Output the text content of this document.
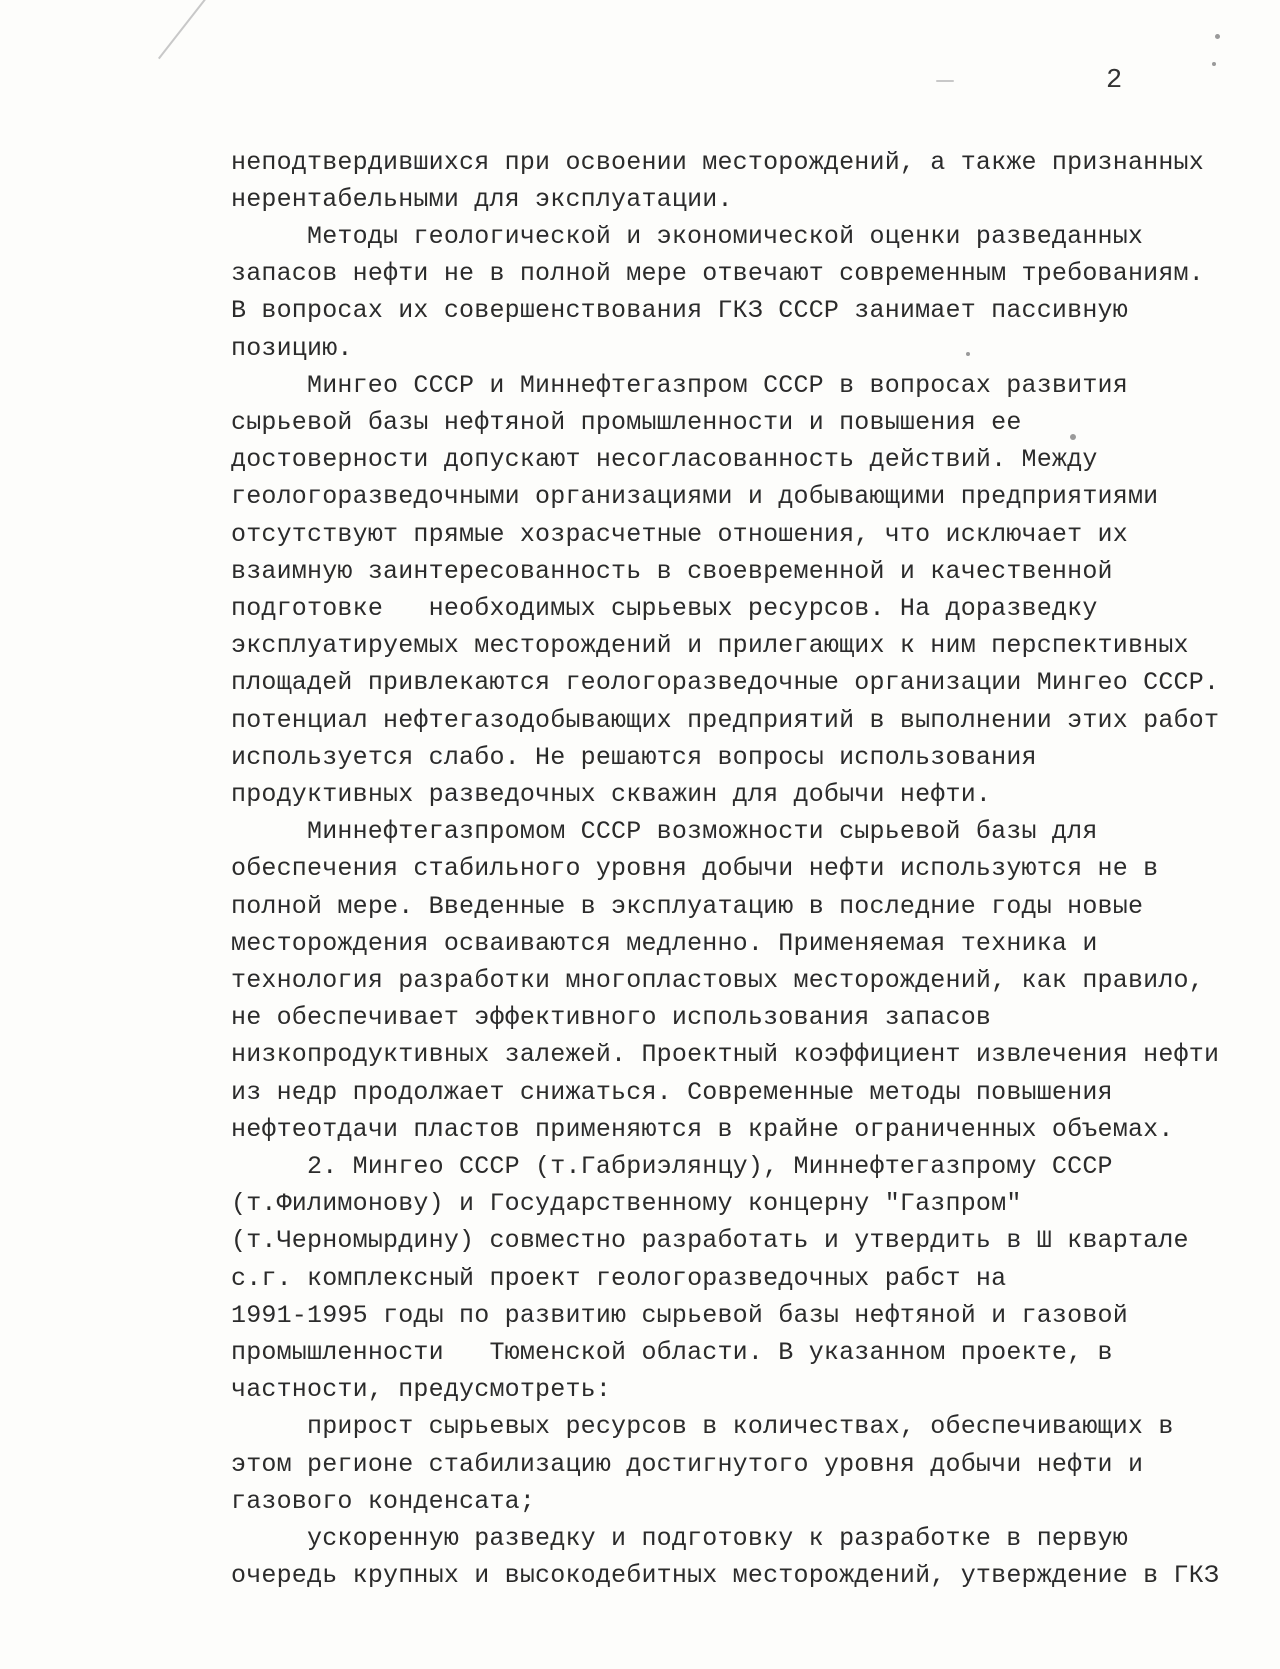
2
неподтвердившихся при освоении месторождений, а также признанных
нерентабельными для эксплуатации.
Методы геологической и экономической оценки разведанных
запасов нефти не в полной мере отвечают современным требованиям.
В вопросах их совершенствования ГКЗ СССР занимает пассивную
позицию.
Мингео СССР и Миннефтегазпром СССР в вопросах развития
сырьевой базы нефтяной промышленности и повышения ее
достоверности допускают несогласованность действий. Между
геологоразведочными организациями и добывающими предприятиями
отсутствуют прямые хозрасчетные отношения, что исключает их
взаимную заинтересованность в своевременной и качественной
подготовке   необходимых сырьевых ресурсов. На доразведку
эксплуатируемых месторождений и прилегающих к ним перспективных
площадей привлекаются геологоразведочные организации Мингео СССР.
потенциал нефтегазодобывающих предприятий в выполнении этих работ
используется слабо. Не решаются вопросы использования
продуктивных разведочных скважин для добычи нефти.
Миннефтегазпромом СССР возможности сырьевой базы для
обеспечения стабильного уровня добычи нефти используются не в
полной мере. Введенные в эксплуатацию в последние годы новые
месторождения осваиваются медленно. Применяемая техника и
технология разработки многопластовых месторождений, как правило,
не обеспечивает эффективного использования запасов
низкопродуктивных залежей. Проектный коэффициент извлечения нефти
из недр продолжает снижаться. Современные методы повышения
нефтеотдачи пластов применяются в крайне ограниченных объемах.
2. Мингео СССР (т.Габриэлянцу), Миннефтегазпрому СССР
(т.Филимонову) и Государственному концерну "Газпром"
(т.Черномырдину) совместно разработать и утвердить в Ш квартале
с.г. комплексный проект геологоразведочных рабст на
1991-1995 годы по развитию сырьевой базы нефтяной и газовой
промышленности   Тюменской области. В указанном проекте, в
частности, предусмотреть:
прирост сырьевых ресурсов в количествах, обеспечивающих в
этом регионе стабилизацию достигнутого уровня добычи нефти и
газового конденсата;
ускоренную разведку и подготовку к разработке в первую
очередь крупных и высокодебитных месторождений, утверждение в ГКЗ
